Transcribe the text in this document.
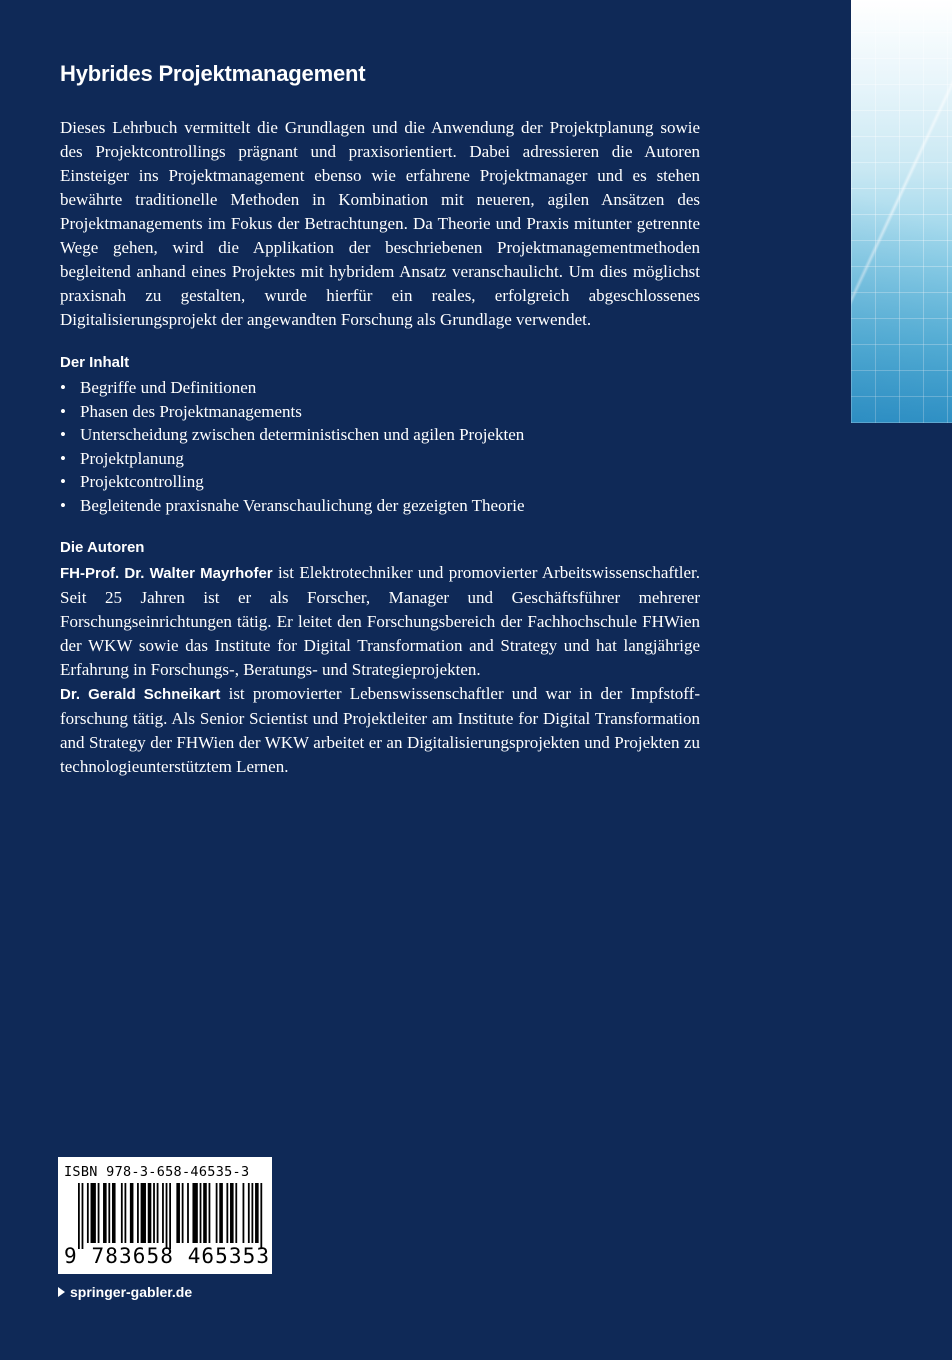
Hybrides Projektmanagement

Dieses Lehrbuch vermittelt die Grundlagen und die Anwendung der Projektplanung sowie des Projektcontrollings prägnant und praxisorientiert. Dabei adressieren die Autoren Einsteiger ins Projektmanagement ebenso wie erfahrene Projektmanager und es stehen bewährte traditionelle Methoden in Kombination mit neueren, agilen Ansätzen des Projektmanagements im Fokus der Betrachtungen. Da Theorie und Praxis mitunter getrennte Wege gehen, wird die Applikation der beschriebenen Projektmanagementmethoden begleitend anhand eines Projektes mit hybridem Ansatz veranschaulicht. Um dies möglichst praxisnah zu gestalten, wurde hierfür ein reales, erfolgreich abgeschlossenes Digitalisierungsprojekt der angewandten Forschung als Grundlage verwendet.

Der Inhalt
• Begriffe und Definitionen
• Phasen des Projektmanagements
• Unterscheidung zwischen deterministischen und agilen Projekten
• Projektplanung
• Projektcontrolling
• Begleitende praxisnahe Veranschaulichung der gezeigten Theorie
Die Autoren

FH-Prof. Dr. Walter Mayrhofer ist Elektrotechniker und promovierter Arbeitswissenschaftler. Seit 25 Jahren ist er als Forscher, Manager und Geschäftsführer mehrerer Forschungseinrichtungen tätig. Er leitet den Forschungsbereich der Fachhochschule FHWien der WKW sowie das Institute for Digital Transformation and Strategy und hat langjährige Erfahrung in Forschungs-, Beratungs- und Strategieprojekten.

Dr. Gerald Schneikart ist promovierter Lebenswissenschaftler und war in der Impfstoffforschung tätig. Als Senior Scientist und Projektleiter am Institute for Digital Transformation and Strategy der FHWien der WKW arbeitet er an Digitalisierungsprojekten und Projekten zu technologieunterstütztem Lernen.

ISBN 978-3-658-46535-3
9 783658 465353
springer-gabler.de
